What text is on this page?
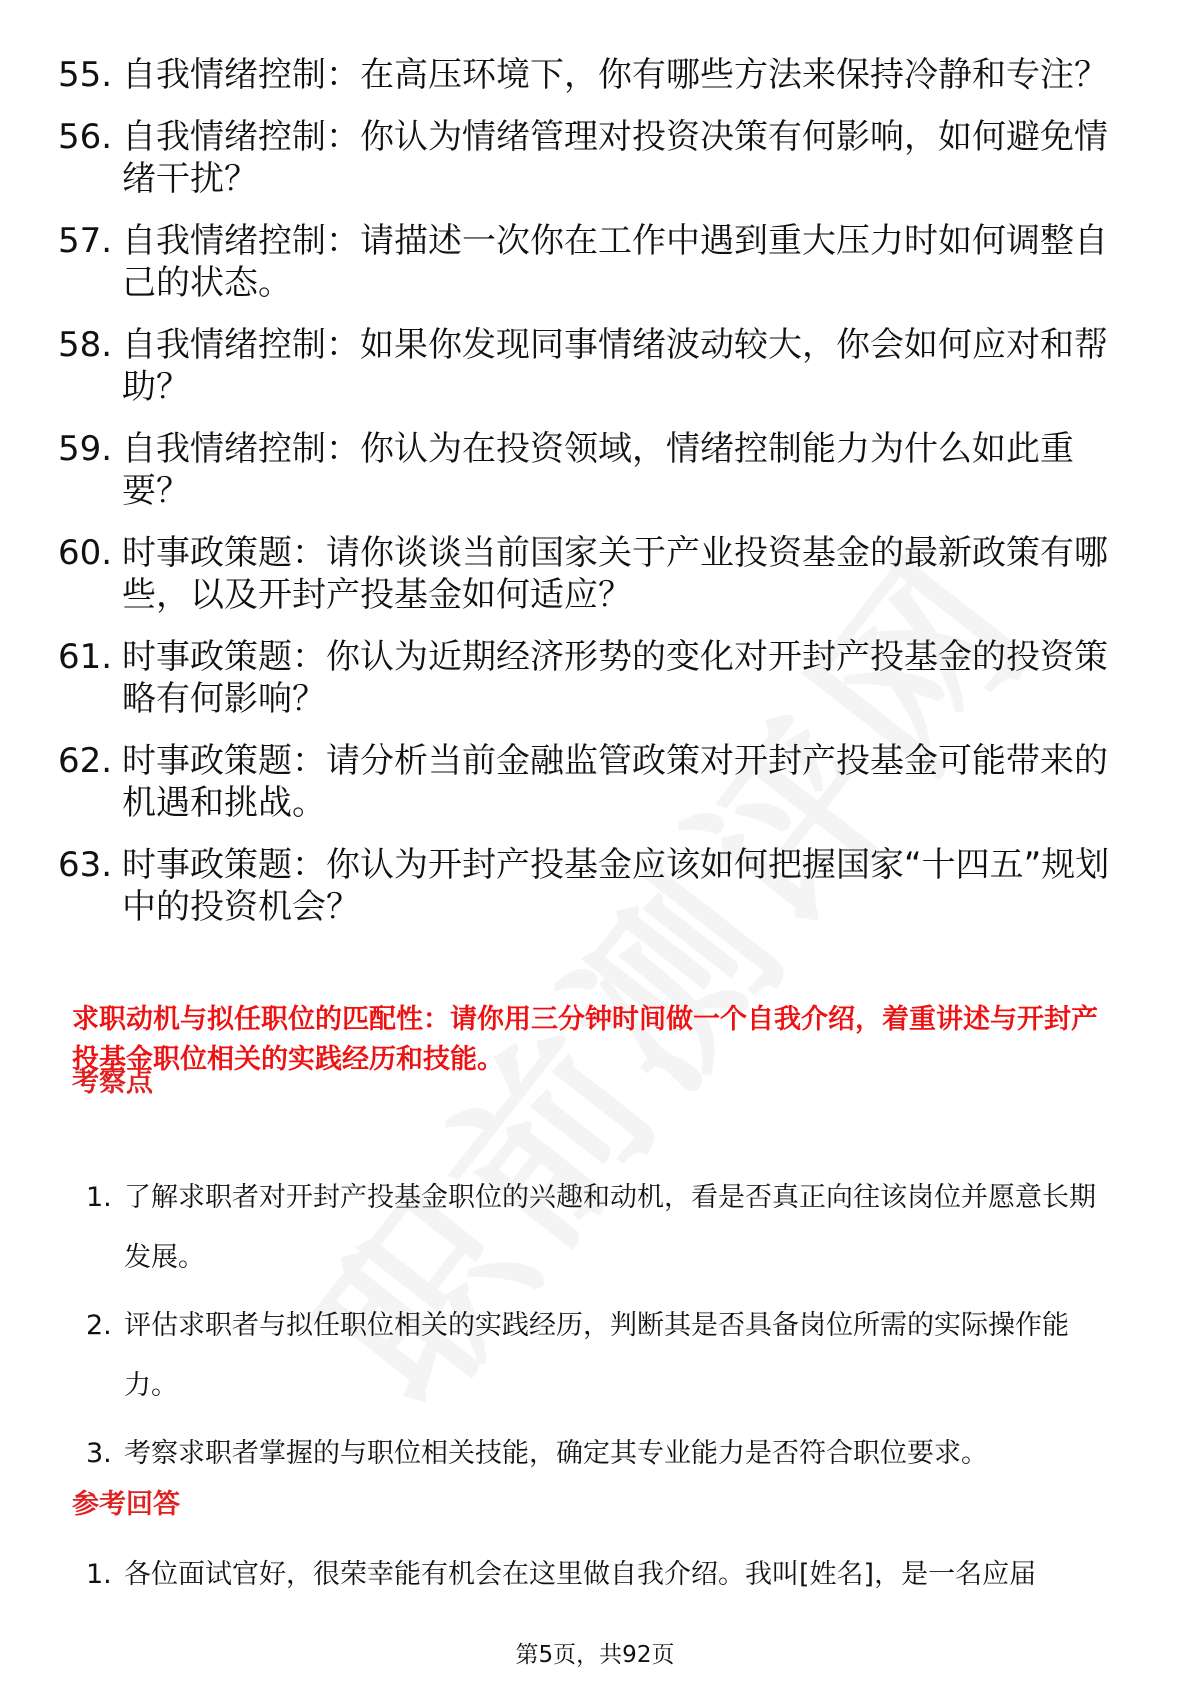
55. 自我情绪控制：在高压环境下，你有哪些方法来保持冷静和专注？
56. 自我情绪控制：你认为情绪管理对投资决策有何影响，如何避免情绪干扰？
57. 自我情绪控制：请描述一次你在工作中遇到重大压力时如何调整自己的状态。
58. 自我情绪控制：如果你发现同事情绪波动较大，你会如何应对和帮助？
59. 自我情绪控制：你认为在投资领域，情绪控制能力为什么如此重要？
60. 时事政策题：请你谈谈当前国家关于产业投资基金的最新政策有哪些，以及开封产投基金如何适应？
61. 时事政策题：你认为近期经济形势的变化对开封产投基金的投资策略有何影响？
62. 时事政策题：请分析当前金融监管政策对开封产投基金可能带来的机遇和挑战。
63. 时事政策题：你认为开封产投基金应该如何把握国家“十四五”规划中的投资机会？
求职动机与拟任职位的匹配性：请你用三分钟时间做一个自我介绍，着重讲述与开封产投基金职位相关的实践经历和技能。
考察点
1. 了解求职者对开封产投基金职位的兴趣和动机，看是否真正向往该岗位并愿意长期发展。
2. 评估求职者与拟任职位相关的实践经历，判断其是否具备岗位所需的实际操作能力。
3. 考察求职者掌握的与职位相关技能，确定其专业能力是否符合职位要求。
参考回答
1. 各位面试官好，很荣幸能有机会在这里做自我介绍。我叫[姓名]，是一名应届
第5页，共92页
